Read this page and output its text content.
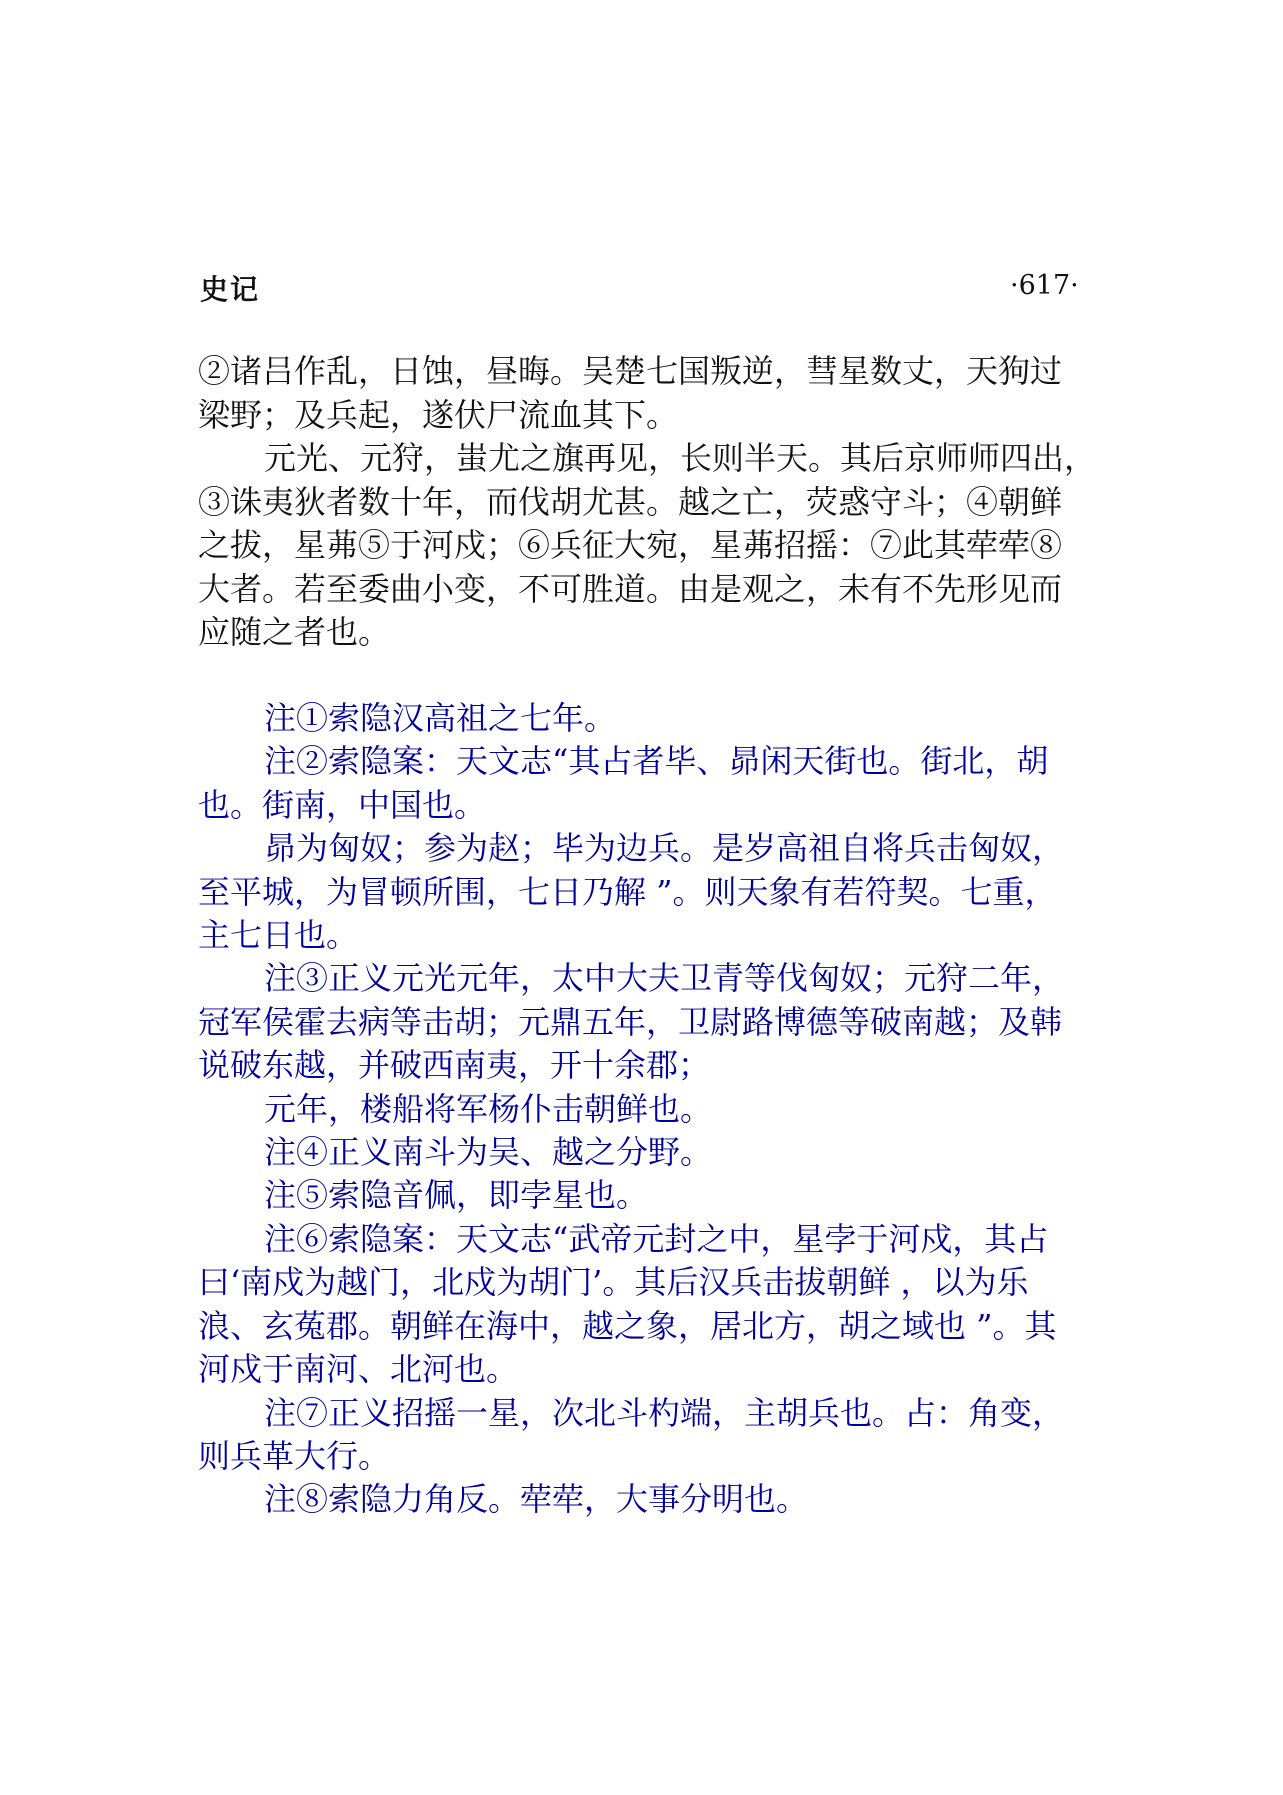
史记	·617·

②诸吕作乱，日蚀，昼晦。吴楚七国叛逆，彗星数丈，天狗过

梁野；及兵起，遂伏尸流血其下。

元光、元狩，蚩尤之旗再见，长则半天。其后京师师四出，

③诛夷狄者数十年，而伐胡尤甚。越之亡，荧惑守斗；④朝鲜

之拔，星茀⑤于河戍；⑥兵征大宛，星茀招摇：⑦此其荦荦⑧

大者。若至委曲小变，不可胜道。由是观之，未有不先形见而

应随之者也。

注①索隐汉高祖之七年。

注②索隐案：天文志“其占者毕、昴闲天街也。街北，胡

也。街南，中国也。

昴为匈奴；参为赵；毕为边兵。是岁高祖自将兵击匈奴，

至平城，为冒顿所围，七日乃解 ”。则天象有若符契。七重，

主七日也。

注③正义元光元年，太中大夫卫青等伐匈奴；元狩二年，

冠军侯霍去病等击胡；元鼎五年，卫尉路博德等破南越；及韩

说破东越，并破西南夷，开十余郡；

元年，楼船将军杨仆击朝鲜也。

注④正义南斗为吴、越之分野。

注⑤索隐音佩，即孛星也。

注⑥索隐案：天文志“武帝元封之中，星孛于河戍，其占

曰‘南戍为越门，北戍为胡门’。其后汉兵击拔朝鲜 ，以为乐

浪、玄菟郡。朝鲜在海中，越之象，居北方，胡之域也 ”。其

河戍于南河、北河也。

注⑦正义招摇一星，次北斗杓端，主胡兵也。占：角变，

则兵革大行。

注⑧索隐力角反。荦荦，大事分明也。
